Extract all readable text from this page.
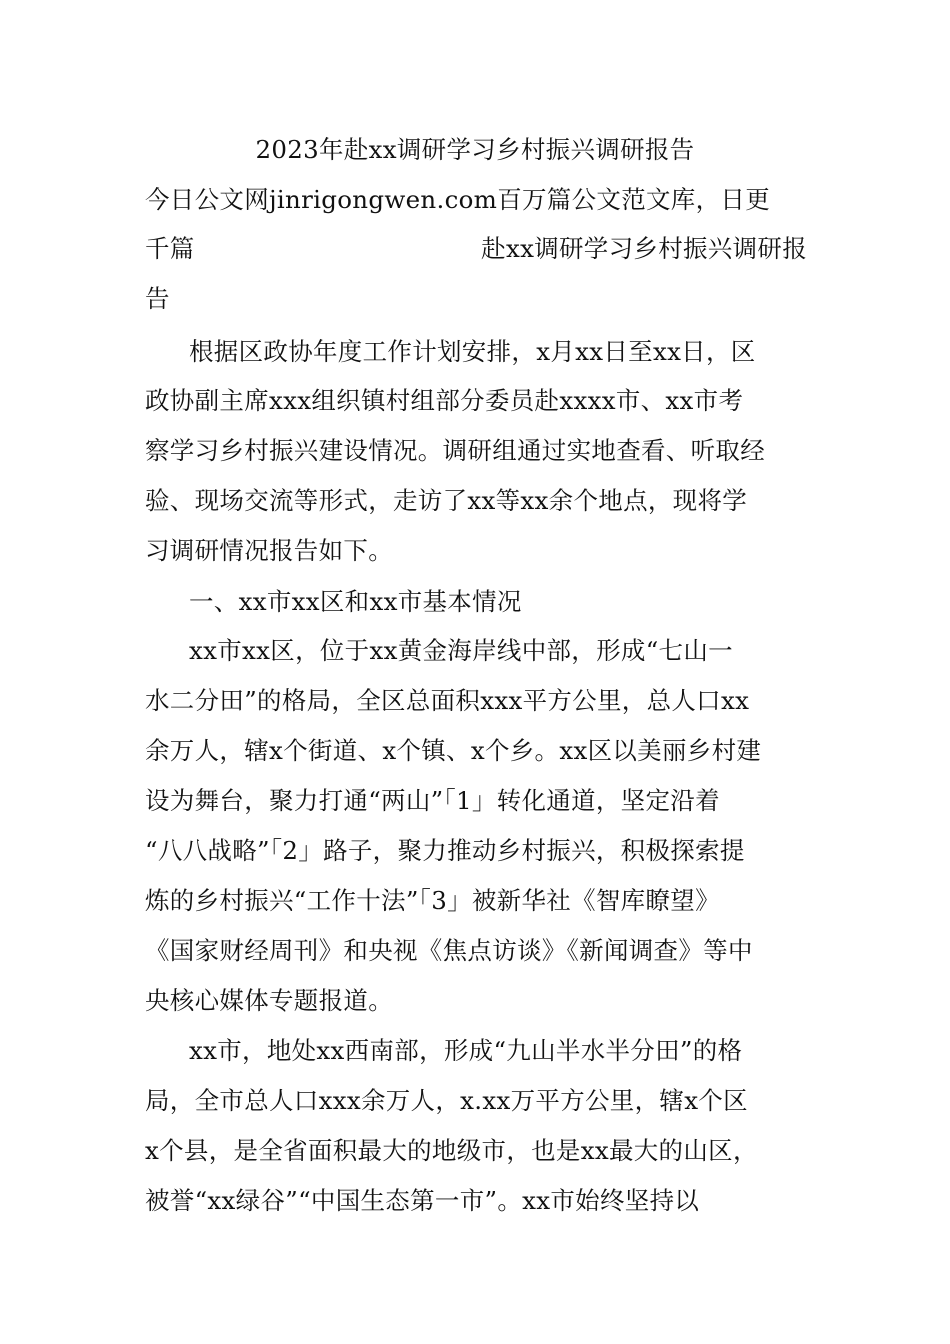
2023年赴xx调研学习乡村振兴调研报告
今日公文网jinrigongwen.com百万篇公文范文库，日更
千篇	赴xx调研学习乡村振兴调研报
告
根据区政协年度工作计划安排，x月xx日至xx日，区
政协副主席xxx组织镇村组部分委员赴xxxx市、xx市考
察学习乡村振兴建设情况。调研组通过实地查看、听取经
验、现场交流等形式，走访了xx等xx余个地点，现将学
习调研情况报告如下。
一、xx市xx区和xx市基本情况
xx市xx区，位于xx黄金海岸线中部，形成“七山一
水二分田”的格局，全区总面积xxx平方公里，总人口xx
余万人，辖x个街道、x个镇、x个乡。xx区以美丽乡村建
设为舞台，聚力打通“两山”「1」转化通道，坚定沿着
“八八战略”「2」路子，聚力推动乡村振兴，积极探索提
炼的乡村振兴“工作十法”「3」被新华社《智库瞭望》
《国家财经周刊》和央视《焦点访谈》《新闻调查》等中
央核心媒体专题报道。
xx市，地处xx西南部，形成“九山半水半分田”的格
局，全市总人口xxx余万人，x.xx万平方公里，辖x个区
x个县，是全省面积最大的地级市，也是xx最大的山区，
被誉“xx绿谷”“中国生态第一市”。xx市始终坚持以
